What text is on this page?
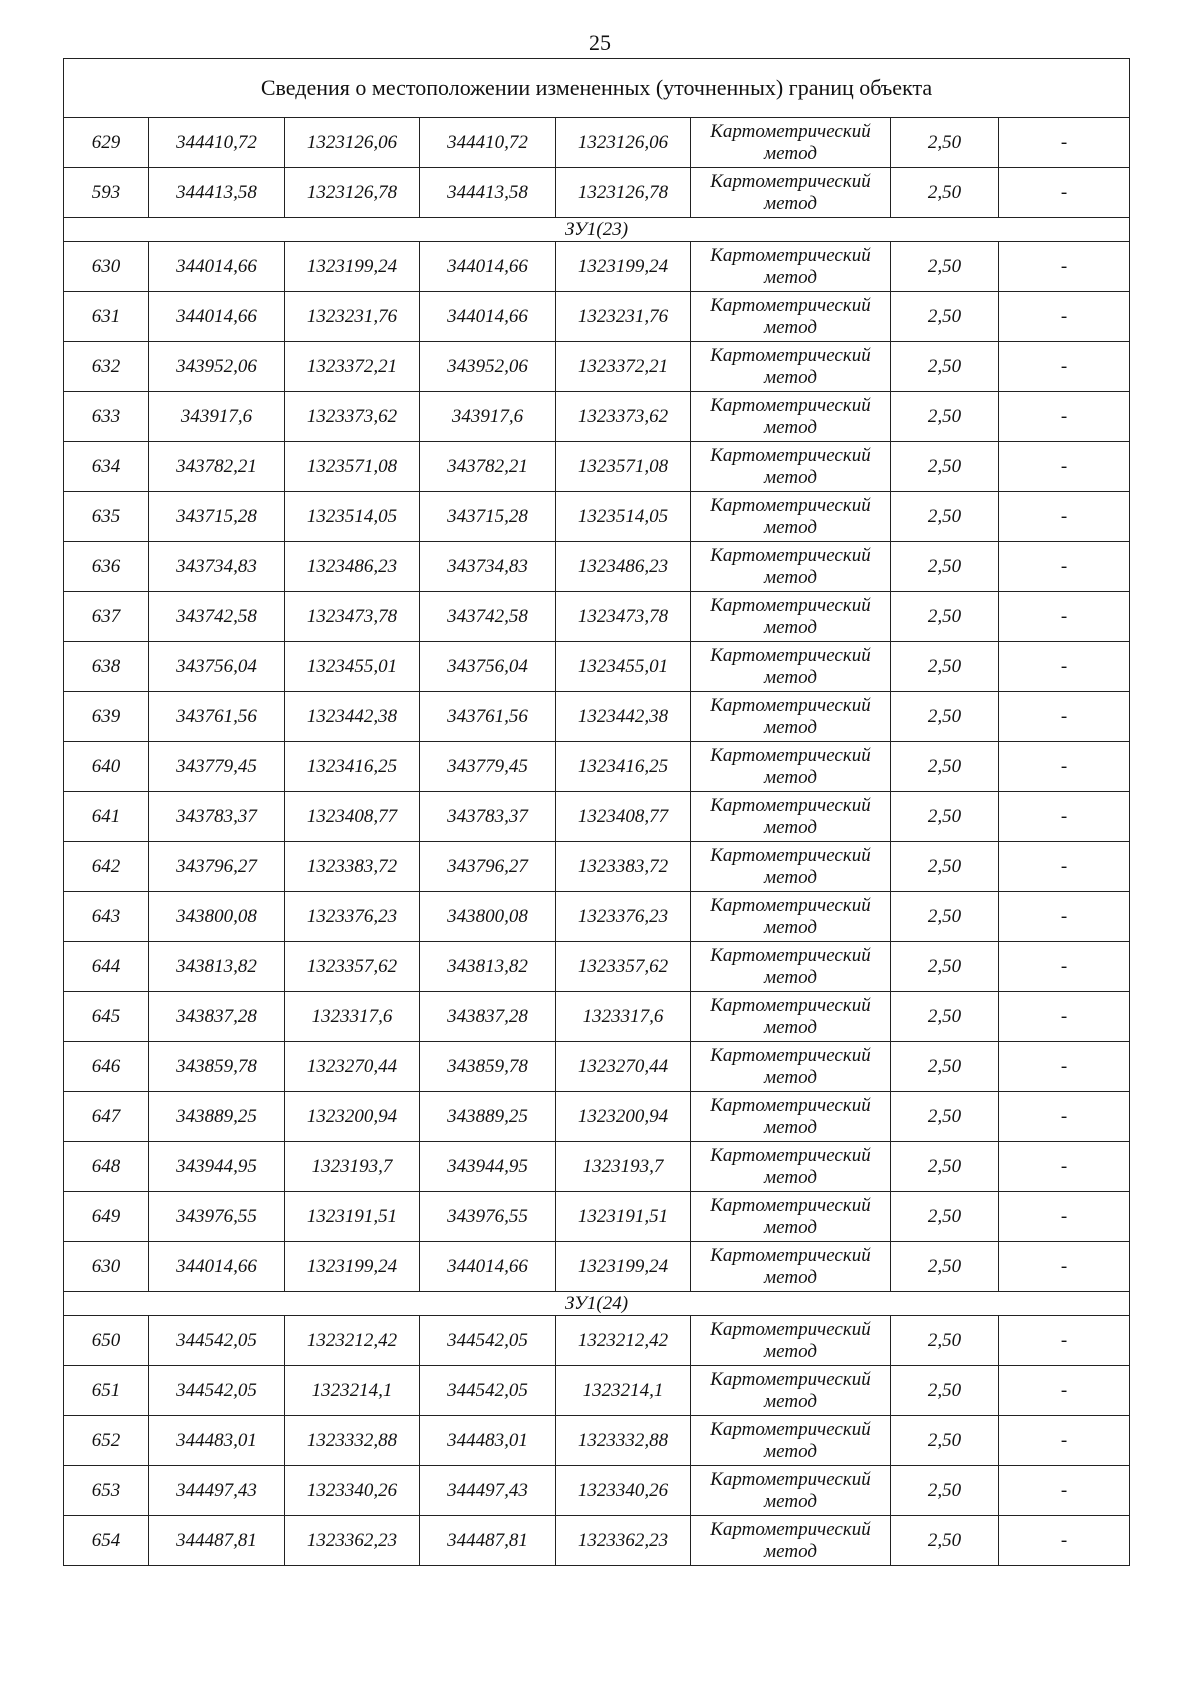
25
Сведения о местоположении измененных (уточненных) границ объекта							
629	344410,72	1323126,06	344410,72	1323126,06	Картометрический
метод	2,50	-
593	344413,58	1323126,78	344413,58	1323126,78	Картометрический
метод	2,50	-
ЗУ1(23)							
630	344014,66	1323199,24	344014,66	1323199,24	Картометрический
метод	2,50	-
631	344014,66	1323231,76	344014,66	1323231,76	Картометрический
метод	2,50	-
632	343952,06	1323372,21	343952,06	1323372,21	Картометрический
метод	2,50	-
633	343917,6	1323373,62	343917,6	1323373,62	Картометрический
метод	2,50	-
634	343782,21	1323571,08	343782,21	1323571,08	Картометрический
метод	2,50	-
635	343715,28	1323514,05	343715,28	1323514,05	Картометрический
метод	2,50	-
636	343734,83	1323486,23	343734,83	1323486,23	Картометрический
метод	2,50	-
637	343742,58	1323473,78	343742,58	1323473,78	Картометрический
метод	2,50	-
638	343756,04	1323455,01	343756,04	1323455,01	Картометрический
метод	2,50	-
639	343761,56	1323442,38	343761,56	1323442,38	Картометрический
метод	2,50	-
640	343779,45	1323416,25	343779,45	1323416,25	Картометрический
метод	2,50	-
641	343783,37	1323408,77	343783,37	1323408,77	Картометрический
метод	2,50	-
642	343796,27	1323383,72	343796,27	1323383,72	Картометрический
метод	2,50	-
643	343800,08	1323376,23	343800,08	1323376,23	Картометрический
метод	2,50	-
644	343813,82	1323357,62	343813,82	1323357,62	Картометрический
метод	2,50	-
645	343837,28	1323317,6	343837,28	1323317,6	Картометрический
метод	2,50	-
646	343859,78	1323270,44	343859,78	1323270,44	Картометрический
метод	2,50	-
647	343889,25	1323200,94	343889,25	1323200,94	Картометрический
метод	2,50	-
648	343944,95	1323193,7	343944,95	1323193,7	Картометрический
метод	2,50	-
649	343976,55	1323191,51	343976,55	1323191,51	Картометрический
метод	2,50	-
630	344014,66	1323199,24	344014,66	1323199,24	Картометрический
метод	2,50	-
ЗУ1(24)							
650	344542,05	1323212,42	344542,05	1323212,42	Картометрический
метод	2,50	-
651	344542,05	1323214,1	344542,05	1323214,1	Картометрический
метод	2,50	-
652	344483,01	1323332,88	344483,01	1323332,88	Картометрический
метод	2,50	-
653	344497,43	1323340,26	344497,43	1323340,26	Картометрический
метод	2,50	-
654	344487,81	1323362,23	344487,81	1323362,23	Картометрический
метод	2,50	-
